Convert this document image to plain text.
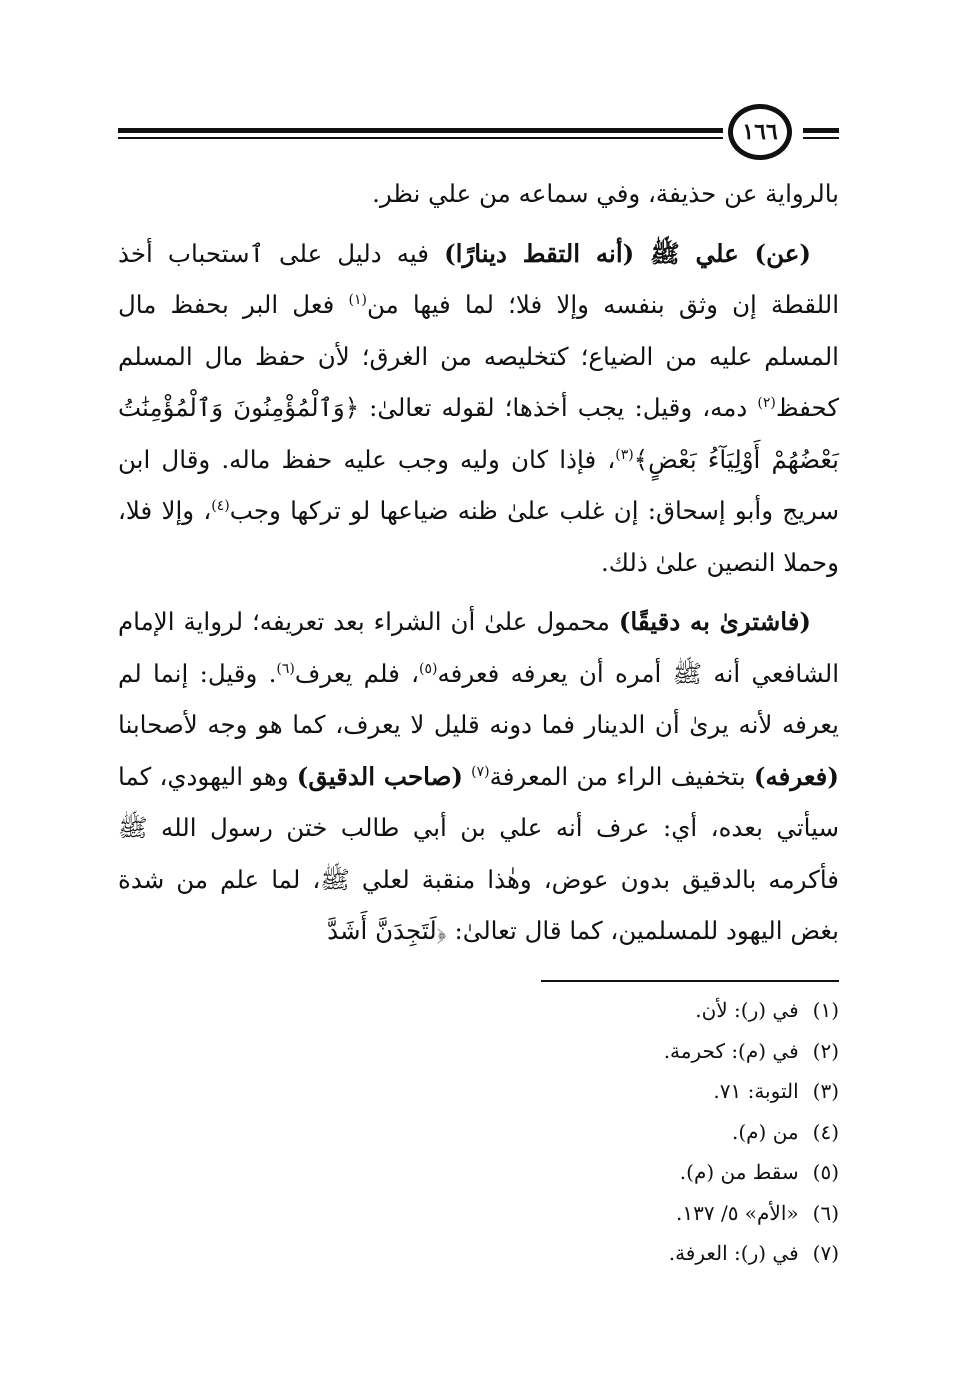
١٦٦

بالرواية عن حذيفة، وفي سماعه من علي نظر.

(عن) علي ﷺ (أنه التقط دينارًا) فيه دليل على ٱستحباب أخذ اللقطة إن وثق بنفسه وإلا فلا؛ لما فيها من$^{(١)}$ فعل البر بحفظ مال المسلم عليه من الضياع؛ كتخليصه من الغرق؛ لأن حفظ مال المسلم كحفظ$^{(٢)}$ دمه، وقيل: يجب أخذها؛ لقوله تعالىٰ: ﴿وَٱلْمُؤْمِنُونَ وَٱلْمُؤْمِنَٰتُ بَعْضُهُمْ أَوْلِيَآءُ بَعْضٍ﴾$^{(٣)}$، فإذا كان وليه وجب عليه حفظ ماله. وقال ابن سريج وأبو إسحاق: إن غلب علىٰ ظنه ضياعها لو تركها وجب$^{(٤)}$، وإلا فلا، وحملا النصين علىٰ ذلك.

(فاشترىٰ به دقيقًا) محمول علىٰ أن الشراء بعد تعريفه؛ لرواية الإمام الشافعي أنه ﷺ أمره أن يعرفه فعرفه$^{(٥)}$، فلم يعرف$^{(٦)}$. وقيل: إنما لم يعرفه لأنه يرىٰ أن الدينار فما دونه قليل لا يعرف، كما هو وجه لأصحابنا (فعرفه) بتخفيف الراء من المعرفة$^{(٧)}$ (صاحب الدقيق) وهو اليهودي، كما سيأتي بعده، أي: عرف أنه علي بن أبي طالب ختن رسول الله ﷺ فأكرمه بالدقيق بدون عوض، وهٰذا منقبة لعلي ﷺ، لما علم من شدة بغض اليهود للمسلمين، كما قال تعالىٰ: ﴿لَتَجِدَنَّ أَشَدَّ

(١) في (ر): لأن.
(٢) في (م): كحرمة.
(٣) التوبة: ٧١.
(٤) من (م).
(٥) سقط من (م).
(٦) «الأم» ٥/ ١٣٧.
(٧) في (ر): العرفة.
